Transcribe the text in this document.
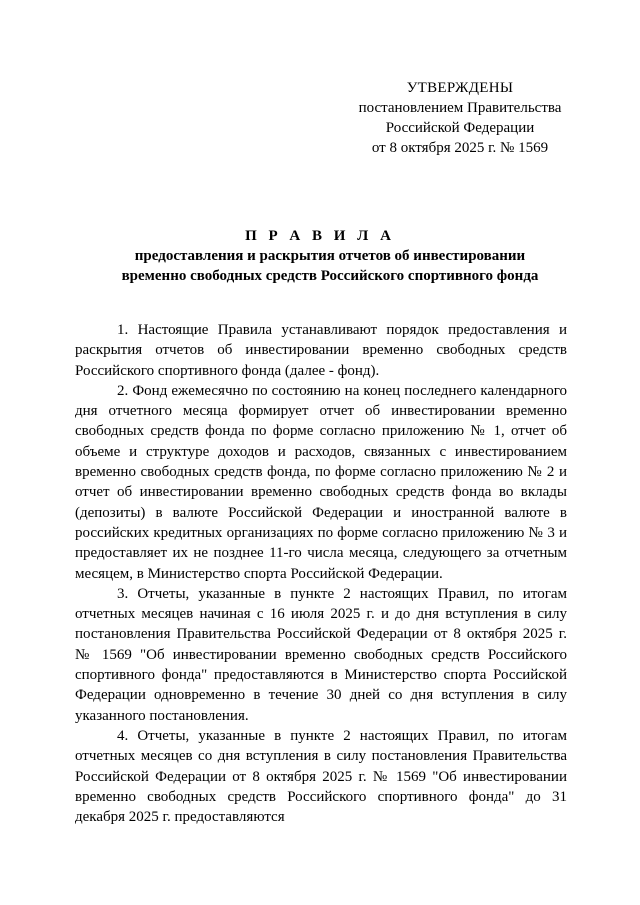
УТВЕРЖДЕНЫ
постановлением Правительства
Российской Федерации
от 8 октября 2025 г. № 1569
П Р А В И Л А
предоставления и раскрытия отчетов об инвестировании
временно свободных средств Российского спортивного фонда

1. Настоящие Правила устанавливают порядок предоставления и раскрытия отчетов об инвестировании временно свободных средств Российского спортивного фонда (далее - фонд).

2. Фонд ежемесячно по состоянию на конец последнего календарного дня отчетного месяца формирует отчет об инвестировании временно свободных средств фонда по форме согласно приложению № 1, отчет об объеме и структуре доходов и расходов, связанных с инвестированием временно свободных средств фонда, по форме согласно приложению № 2 и отчет об инвестировании временно свободных средств фонда во вклады (депозиты) в валюте Российской Федерации и иностранной валюте в российских кредитных организациях по форме согласно приложению № 3 и предоставляет их не позднее 11-го числа месяца, следующего за отчетным месяцем, в Министерство спорта Российской Федерации.

3. Отчеты, указанные в пункте 2 настоящих Правил, по итогам отчетных месяцев начиная с 16 июля 2025 г. и до дня вступления в силу постановления Правительства Российской Федерации от 8 октября 2025 г. № 1569 "Об инвестировании временно свободных средств Российского спортивного фонда" предоставляются в Министерство спорта Российской Федерации одновременно в течение 30 дней со дня вступления в силу указанного постановления.

4. Отчеты, указанные в пункте 2 настоящих Правил, по итогам отчетных месяцев со дня вступления в силу постановления Правительства Российской Федерации от 8 октября 2025 г. № 1569 "Об инвестировании временно свободных средств Российского спортивного фонда" до 31 декабря 2025 г. предоставляются
